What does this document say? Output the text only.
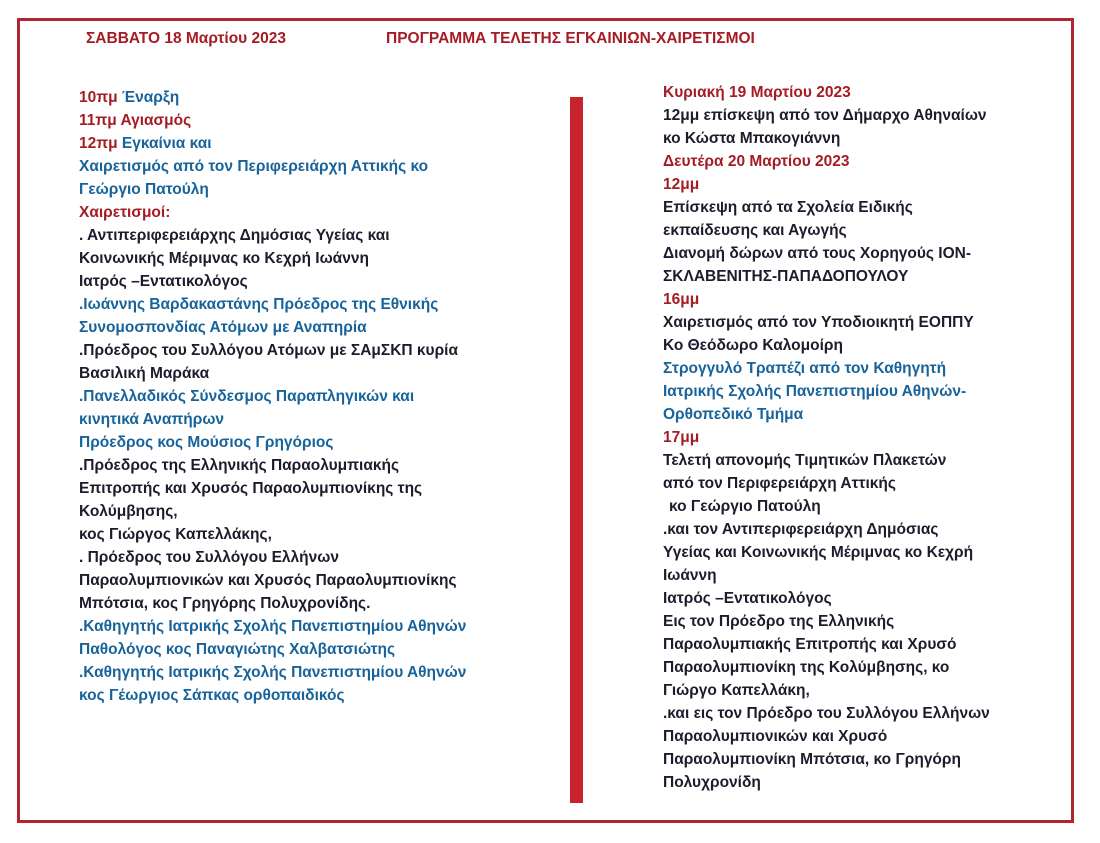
ΣΑΒΒΑΤΟ 18 Μαρτίου 2023	ΠΡΟΓΡΑΜΜΑ ΤΕΛΕΤΗΣ ΕΓΚΑΙΝΙΩΝ-ΧΑΙΡΕΤΙΣΜΟΙ
10πμ Έναρξη
11πμ Αγιασμός
12πμ Εγκαίνια και
Χαιρετισμός από τον Περιφερειάρχη Αττικής κο
Γεώργιο Πατούλη
Χαιρετισμοί:
. Αντιπεριφερειάρχης Δημόσιας Υγείας και
Κοινωνικής Μέριμνας κο Κεχρή Ιωάννη
Ιατρός –Εντατικολόγος
.Ιωάννης Βαρδακαστάνης Πρόεδρος της Εθνικής
Συνομοσπονδίας Ατόμων με Αναπηρία
.Πρόεδρος του Συλλόγου Ατόμων με ΣΑμΣΚΠ κυρία
Βασιλική Μαράκα
.Πανελλαδικός Σύνδεσμος Παραπληγικών και
κινητικά Αναπήρων
Πρόεδρος κος Μούσιος Γρηγόριος
.Πρόεδρος της Ελληνικής Παραολυμπιακής
Επιτροπής και Χρυσός Παραολυμπιονίκης της
Κολύμβησης,
κος Γιώργος Καπελλάκης,
. Πρόεδρος του Συλλόγου Ελλήνων
Παραολυμπιονικών και Χρυσός Παραολυμπιονίκης
Μπότσια, κος Γρηγόρης Πολυχρονίδης.
.Καθηγητής Ιατρικής Σχολής Πανεπιστημίου Αθηνών
Παθολόγος κος Παναγιώτης Χαλβατσιώτης
.Καθηγητής Ιατρικής Σχολής Πανεπιστημίου Αθηνών
κος Γέωργιος Σάπκας ορθοπαιδικός
Κυριακή 19 Μαρτίου 2023
12μμ επίσκεψη από τον Δήμαρχο Αθηναίων
κο Κώστα Μπακογιάννη
Δευτέρα 20 Μαρτίου 2023
12μμ
Επίσκεψη από τα Σχολεία Ειδικής
εκπαίδευσης και Αγωγής
Διανομή δώρων από τους Χορηγούς ΙΟΝ-
ΣΚΛΑΒΕΝΙΤΗΣ-ΠΑΠΑΔΟΠΟΥΛΟΥ
16μμ
Χαιρετισμός από τον Υποδιοικητή ΕΟΠΠΥ
Κο Θεόδωρο Καλομοίρη
Στρογγυλό Τραπέζι από τον Καθηγητή
Ιατρικής Σχολής Πανεπιστημίου Αθηνών-
Ορθοπεδικό Τμήμα
17μμ
Τελετή απονομής Τιμητικών Πλακετών
από τον Περιφερειάρχη Αττικής
κο Γεώργιο Πατούλη
.και τον Αντιπεριφερειάρχη Δημόσιας
Υγείας και Κοινωνικής Μέριμνας κο Κεχρή
Ιωάννη
Ιατρός –Εντατικολόγος
Εις τον Πρόεδρο της Ελληνικής
Παραολυμπιακής Επιτροπής και Χρυσό
Παραολυμπιονίκη της Κολύμβησης, κο
Γιώργο Καπελλάκη,
.και εις τον Πρόεδρο του Συλλόγου Ελλήνων
Παραολυμπιονικών και Χρυσό
Παραολυμπιονίκη Μπότσια, κο Γρηγόρη
Πολυχρονίδη
